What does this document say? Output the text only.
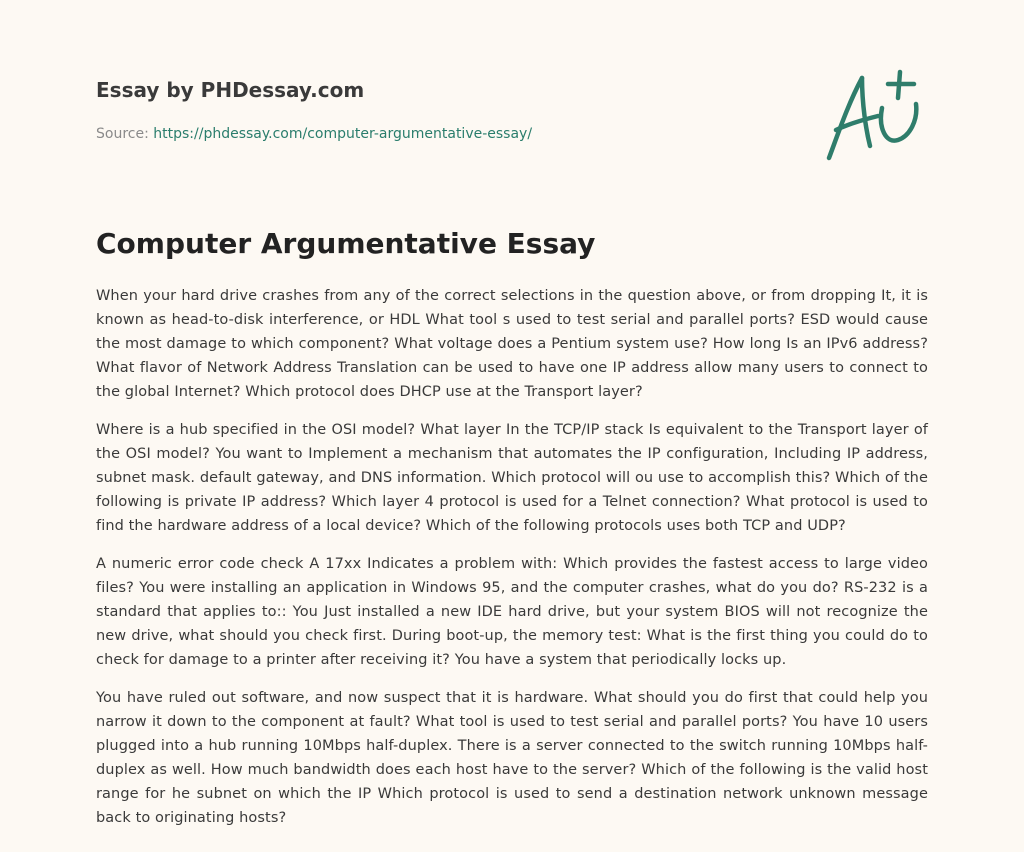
Essay by PHDessay.com
Source: https://phdessay.com/computer-argumentative-essay/
Computer Argumentative Essay

When your hard drive crashes from any of the correct selections in the question above, or from dropping It, it is known as head-to-disk interference, or HDL What tool s used to test serial and parallel ports? ESD would cause the most damage to which component? What voltage does a Pentium system use? How long Is an IPv6 address? What flavor of Network Address Translation can be used to have one IP address allow many users to connect to the global Internet? Which protocol does DHCP use at the Transport layer?

Where is a hub specified in the OSI model? What layer In the TCP/IP stack Is equivalent to the Transport layer of the OSI model? You want to Implement a mechanism that automates the IP configuration, Including IP address, subnet mask. default gateway, and DNS information. Which protocol will ou use to accomplish this? Which of the following is private IP address? Which layer 4 protocol is used for a Telnet connection? What protocol is used to find the hardware address of a local device? Which of the following protocols uses both TCP and UDP?

A numeric error code check A 17xx Indicates a problem with: Which provides the fastest access to large video files? You were installing an application in Windows 95, and the computer crashes, what do you do? RS-232 is a standard that applies to:: You Just installed a new IDE hard drive, but your system BIOS will not recognize the new drive, what should you check first. During boot-up, the memory test: What is the first thing you could do to check for damage to a printer after receiving it? You have a system that periodically locks up.

You have ruled out software, and now suspect that it is hardware. What should you do first that could help you narrow it down to the component at fault? What tool is used to test serial and parallel ports? You have 10 users plugged into a hub running 10Mbps half-duplex. There is a server connected to the switch running 10Mbps half-duplex as well. How much bandwidth does each host have to the server? Which of the following is the valid host range for he subnet on which the IP Which protocol is used to send a destination network unknown message back to originating hosts?
